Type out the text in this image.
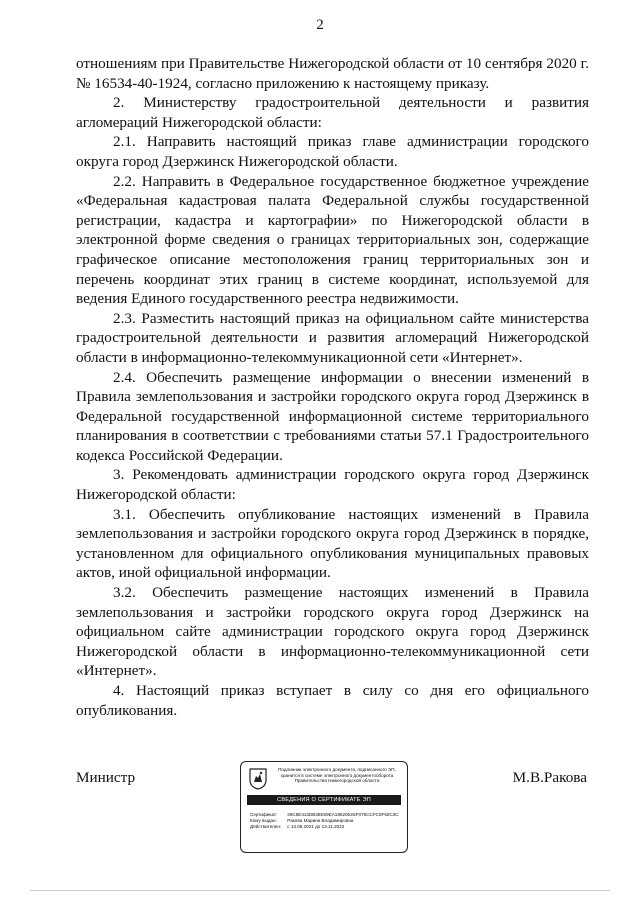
2

отношениям при Правительстве Нижегородской области от 10 сентября 2020 г. № 16534-40-1924, согласно приложению к настоящему приказу.

2. Министерству градостроительной деятельности и развития агломераций Нижегородской области:

2.1. Направить настоящий приказ главе администрации городского округа город Дзержинск Нижегородской области.

2.2. Направить в Федеральное государственное бюджетное учреждение «Федеральная кадастровая палата Федеральной службы государственной регистрации, кадастра и картографии» по Нижегородской области в электронной форме сведения о границах территориальных зон, содержащие графическое описание местоположения границ территориальных зон и перечень координат этих границ в системе координат, используемой для ведения Единого государственного реестра недвижимости.

2.3. Разместить настоящий приказ на официальном сайте министерства градостроительной деятельности и развития агломераций Нижегородской области в информационно-телекоммуникационной сети «Интернет».

2.4. Обеспечить размещение информации о внесении изменений в Правила землепользования и застройки городского округа город Дзержинск в Федеральной государственной информационной системе территориального планирования в соответствии с требованиями статьи 57.1 Градостроительного кодекса Российской Федерации.

3. Рекомендовать администрации городского округа город Дзержинск Нижегородской области:

3.1. Обеспечить опубликование настоящих изменений в Правила землепользования и застройки городского округа город Дзержинск в порядке, установленном для официального опубликования муниципальных правовых актов, иной официальной информации.

3.2. Обеспечить размещение настоящих изменений в Правила землепользования и застройки городского округа город Дзержинск на официальном сайте администрации городского округа город Дзержинск Нижегородской области в информационно-телекоммуникационной сети «Интернет».

4. Настоящий приказ вступает в силу со дня его официального опубликования.

Министр	Подлинник электронного документа, подписанного ЭП, хранится в системе электронного документооборота Правительства Нижегородской области
СВЕДЕНИЯ О СЕРТИФИКАТЕ ЭП
Сертификат: 39C8E413DB38E59EA1852063SF075CCFC5F92C3C
Кому выдан: Ракова Марина Владимировна
Действителен: с 13.08.2021 до 13.11.2022
М.В.Ракова
